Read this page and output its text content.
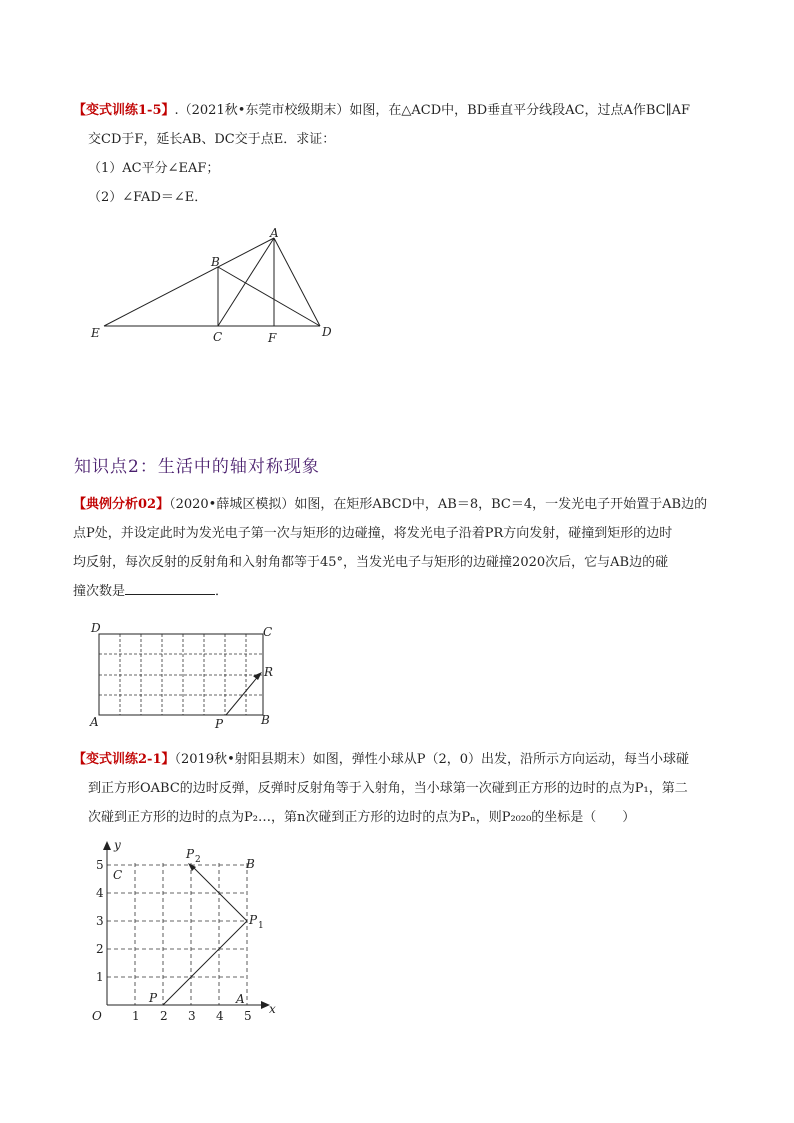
【变式训练1-5】.（2021秋•东莞市校级期末）如图，在△ACD中，BD垂直平分线段AC，过点A作BC∥AF
交CD于F，延长AB、DC交于点E．求证：
（1）AC平分∠EAF；
（2）∠FAD＝∠E．
A
B
C	D
E	F
知识点2：生活中的轴对称现象
【典例分析02】（2020•薛城区模拟）如图，在矩形ABCD中，AB＝8，BC＝4，一发光电子开始置于AB边的
点P处，并设定此时为发光电子第一次与矩形的边碰撞，将发光电子沿着PR方向发射，碰撞到矩形的边时
均反射，每次反射的反射角和入射角都等于45°，当发光电子与矩形的边碰撞2020次后，它与AB边的碰
撞次数是	．
D	C
A	B
P
R
【变式训练2-1】（2019秋•射阳县期末）如图，弹性小球从P（2，0）出发，沿所示方向运动，每当小球碰
到正方形OABC的边时反弹，反弹时反射角等于入射角，当小球第一次碰到正方形的边时的点为P₁，第二
次碰到正方形的边时的点为P₂…，第n次碰到正方形的边时的点为Pₙ，则P₂₀₂₀的坐标是（　　）
1 2 3 4 5
1
2
3
4
5
O	x
y
C
B
A
P
P 1
P 2
